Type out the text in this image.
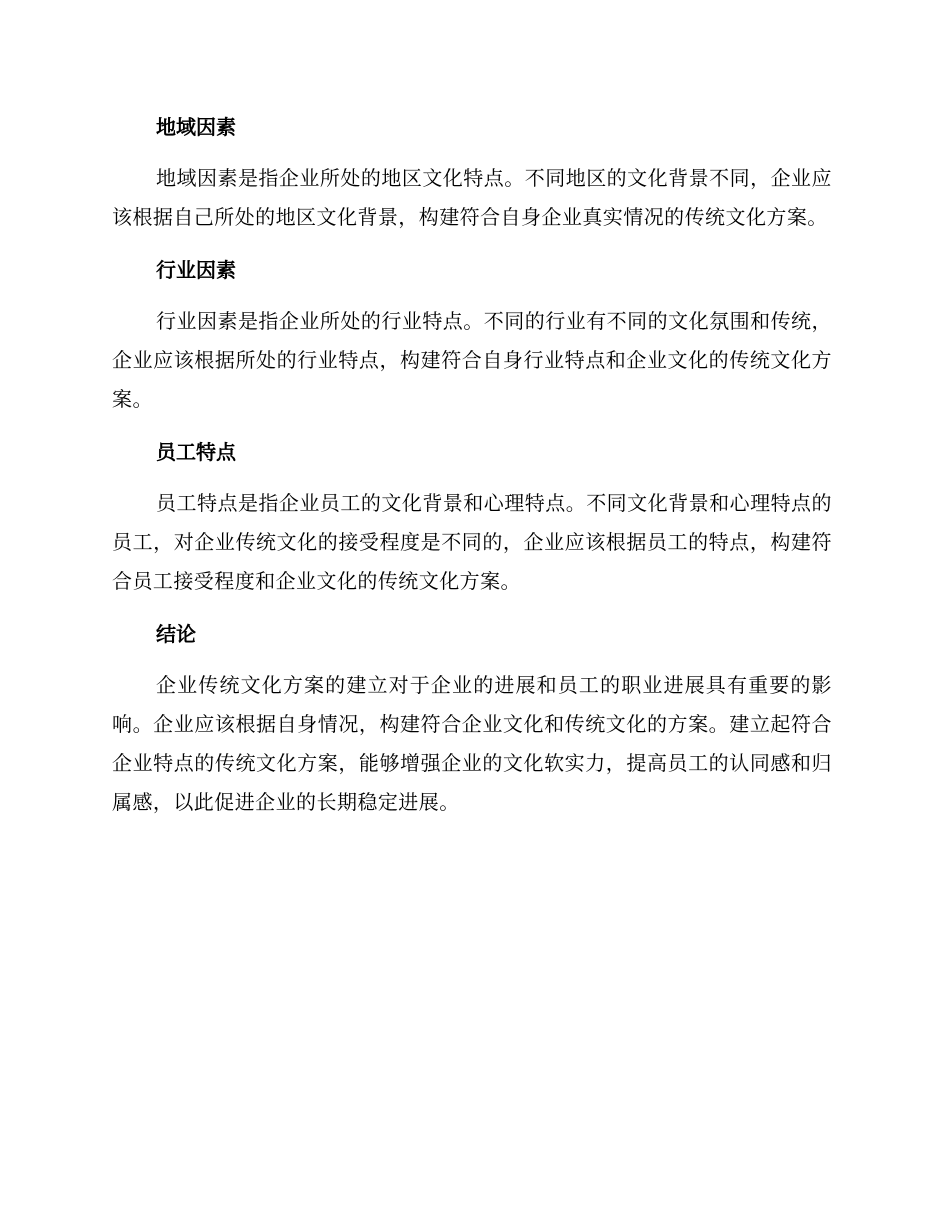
地域因素

地域因素是指企业所处的地区文化特点。不同地区的文化背景不同，企业应该根据自己所处的地区文化背景，构建符合自身企业真实情况的传统文化方案。

行业因素

行业因素是指企业所处的行业特点。不同的行业有不同的文化氛围和传统，企业应该根据所处的行业特点，构建符合自身行业特点和企业文化的传统文化方案。

员工特点

员工特点是指企业员工的文化背景和心理特点。不同文化背景和心理特点的员工，对企业传统文化的接受程度是不同的，企业应该根据员工的特点，构建符合员工接受程度和企业文化的传统文化方案。

结论

企业传统文化方案的建立对于企业的进展和员工的职业进展具有重要的影响。企业应该根据自身情况，构建符合企业文化和传统文化的方案。建立起符合企业特点的传统文化方案，能够增强企业的文化软实力，提高员工的认同感和归属感，以此促进企业的长期稳定进展。
